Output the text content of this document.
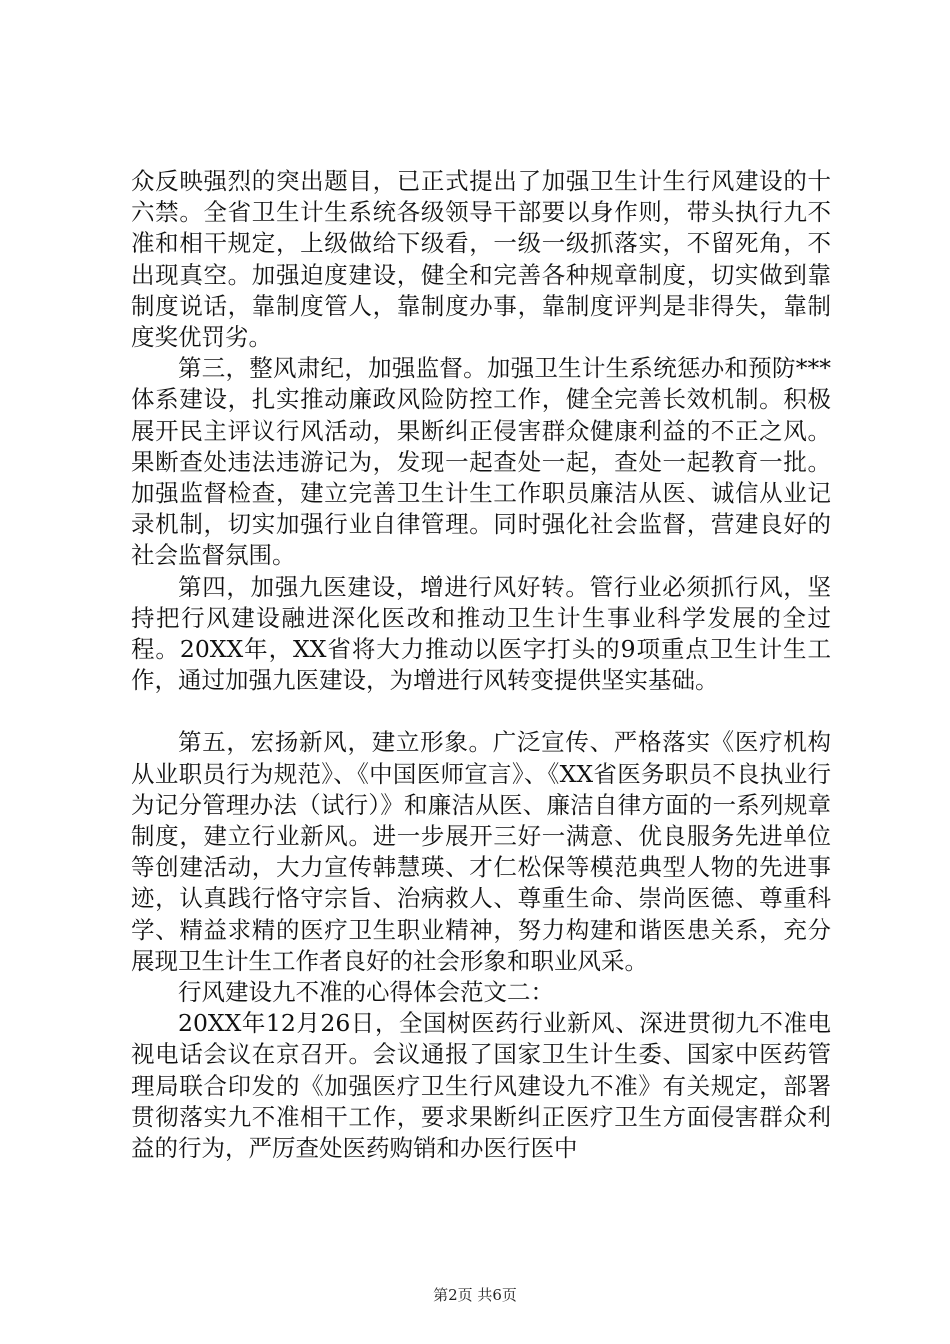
众反映强烈的突出题目，已正式提出了加强卫生计生行风建设的十六禁。全省卫生计生系统各级领导干部要以身作则，带头执行九不准和相干规定，上级做给下级看，一级一级抓落实，不留死角，不出现真空。加强迫度建设，健全和完善各种规章制度，切实做到靠制度说话，靠制度管人，靠制度办事，靠制度评判是非得失，靠制度奖优罚劣。

第三，整风肃纪，加强监督。加强卫生计生系统惩办和预防***体系建设，扎实推动廉政风险防控工作，健全完善长效机制。积极展开民主评议行风活动，果断纠正侵害群众健康利益的不正之风。果断查处违法违游记为，发现一起查处一起，查处一起教育一批。加强监督检查，建立完善卫生计生工作职员廉洁从医、诚信从业记录机制，切实加强行业自律管理。同时强化社会监督，营建良好的社会监督氛围。

第四，加强九医建设，增进行风好转。管行业必须抓行风，坚持把行风建设融进深化医改和推动卫生计生事业科学发展的全过程。20XX年，XX省将大力推动以医字打头的9项重点卫生计生工作，通过加强九医建设，为增进行风转变提供坚实基础。

第五，宏扬新风，建立形象。广泛宣传、严格落实《医疗机构从业职员行为规范》、《中国医师宣言》、《XX省医务职员不良执业行为记分管理办法（试行）》和廉洁从医、廉洁自律方面的一系列规章制度，建立行业新风。进一步展开三好一满意、优良服务先进单位等创建活动，大力宣传韩慧瑛、才仁松保等模范典型人物的先进事迹，认真践行恪守宗旨、治病救人、尊重生命、崇尚医德、尊重科学、精益求精的医疗卫生职业精神，努力构建和谐医患关系，充分展现卫生计生工作者良好的社会形象和职业风采。

行风建设九不准的心得体会范文二：

20XX年12月26日，全国树医药行业新风、深进贯彻九不准电视电话会议在京召开。会议通报了国家卫生计生委、国家中医药管理局联合印发的《加强医疗卫生行风建设九不准》有关规定，部署贯彻落实九不准相干工作，要求果断纠正医疗卫生方面侵害群众利益的行为，严厉查处医药购销和办医行医中

第2页 共6页
